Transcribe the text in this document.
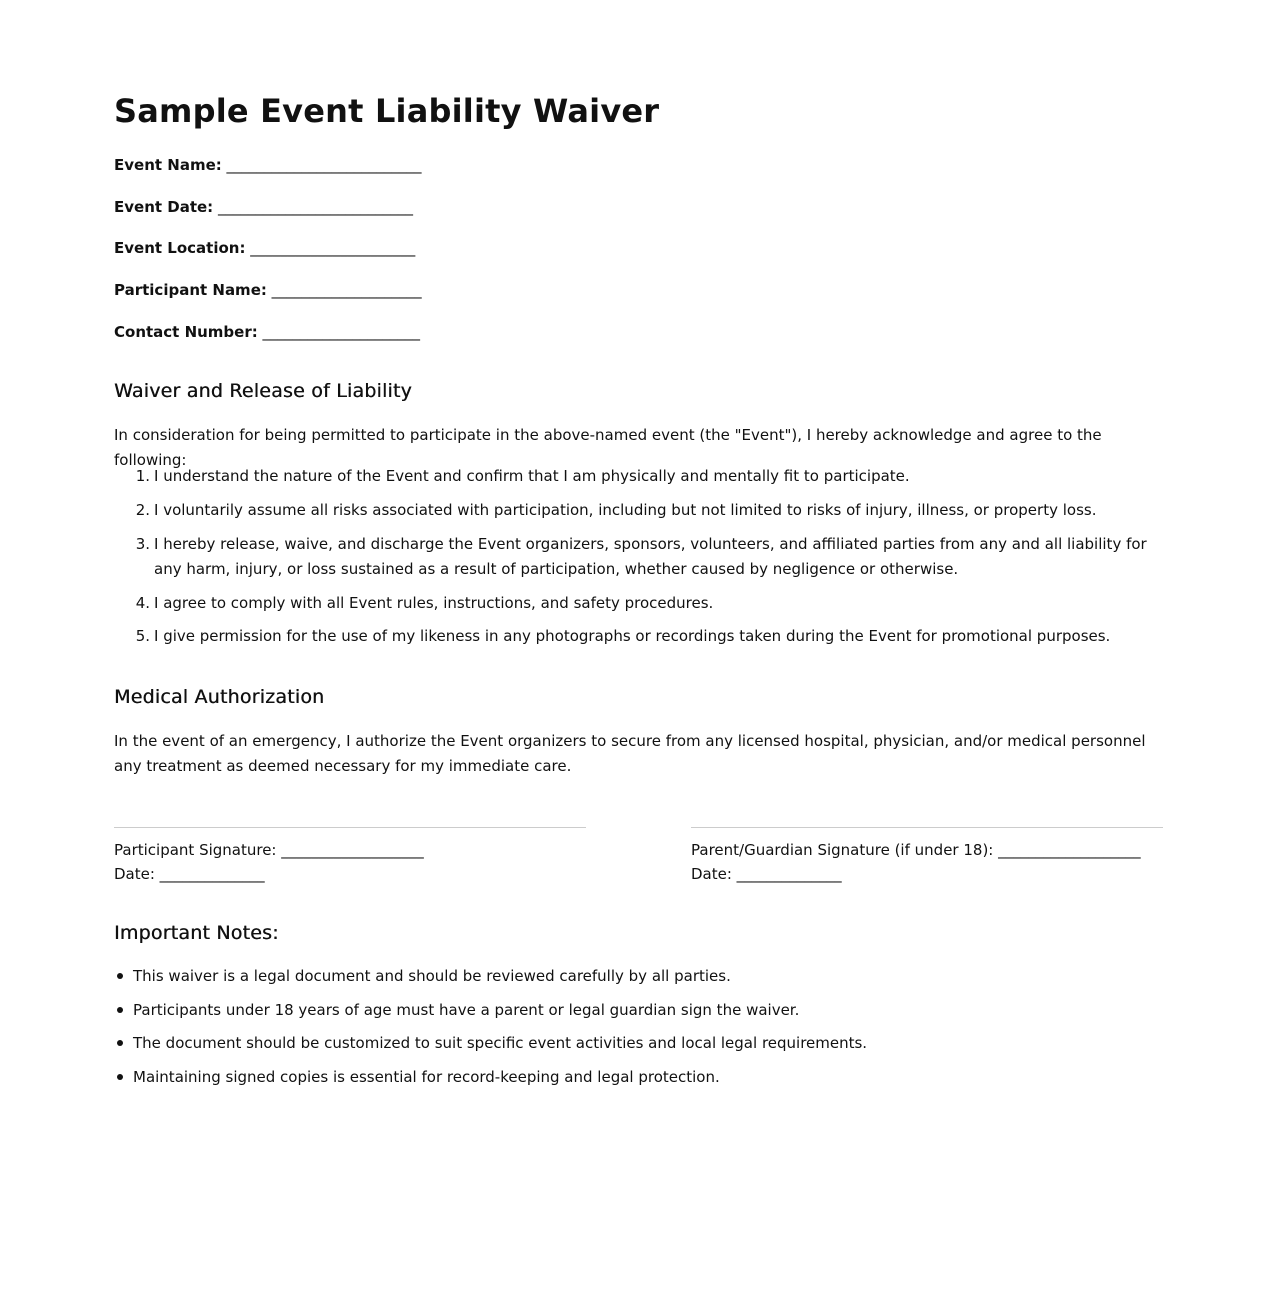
Sample Event Liability Waiver

Event Name: __________________________

Event Date: __________________________

Event Location: ______________________

Participant Name: ____________________

Contact Number: _____________________

Waiver and Release of Liability

In consideration for being permitted to participate in the above-named event (the "Event"), I hereby acknowledge and agree to the following:

1. I understand the nature of the Event and confirm that I am physically and mentally fit to participate.
2. I voluntarily assume all risks associated with participation, including but not limited to risks of injury, illness, or property loss.
3. I hereby release, waive, and discharge the Event organizers, sponsors, volunteers, and affiliated parties from any and all liability for any harm, injury, or loss sustained as a result of participation, whether caused by negligence or otherwise.
4. I agree to comply with all Event rules, instructions, and safety procedures.
5. I give permission for the use of my likeness in any photographs or recordings taken during the Event for promotional purposes.
Medical Authorization

In the event of an emergency, I authorize the Event organizers to secure from any licensed hospital, physician, and/or medical personnel any treatment as deemed necessary for my immediate care.

Participant Signature: ___________________
Date: ______________
Parent/Guardian Signature (if under 18): ___________________
Date: ______________
Important Notes:
This waiver is a legal document and should be reviewed carefully by all parties.
Participants under 18 years of age must have a parent or legal guardian sign the waiver.
The document should be customized to suit specific event activities and local legal requirements.
Maintaining signed copies is essential for record-keeping and legal protection.
